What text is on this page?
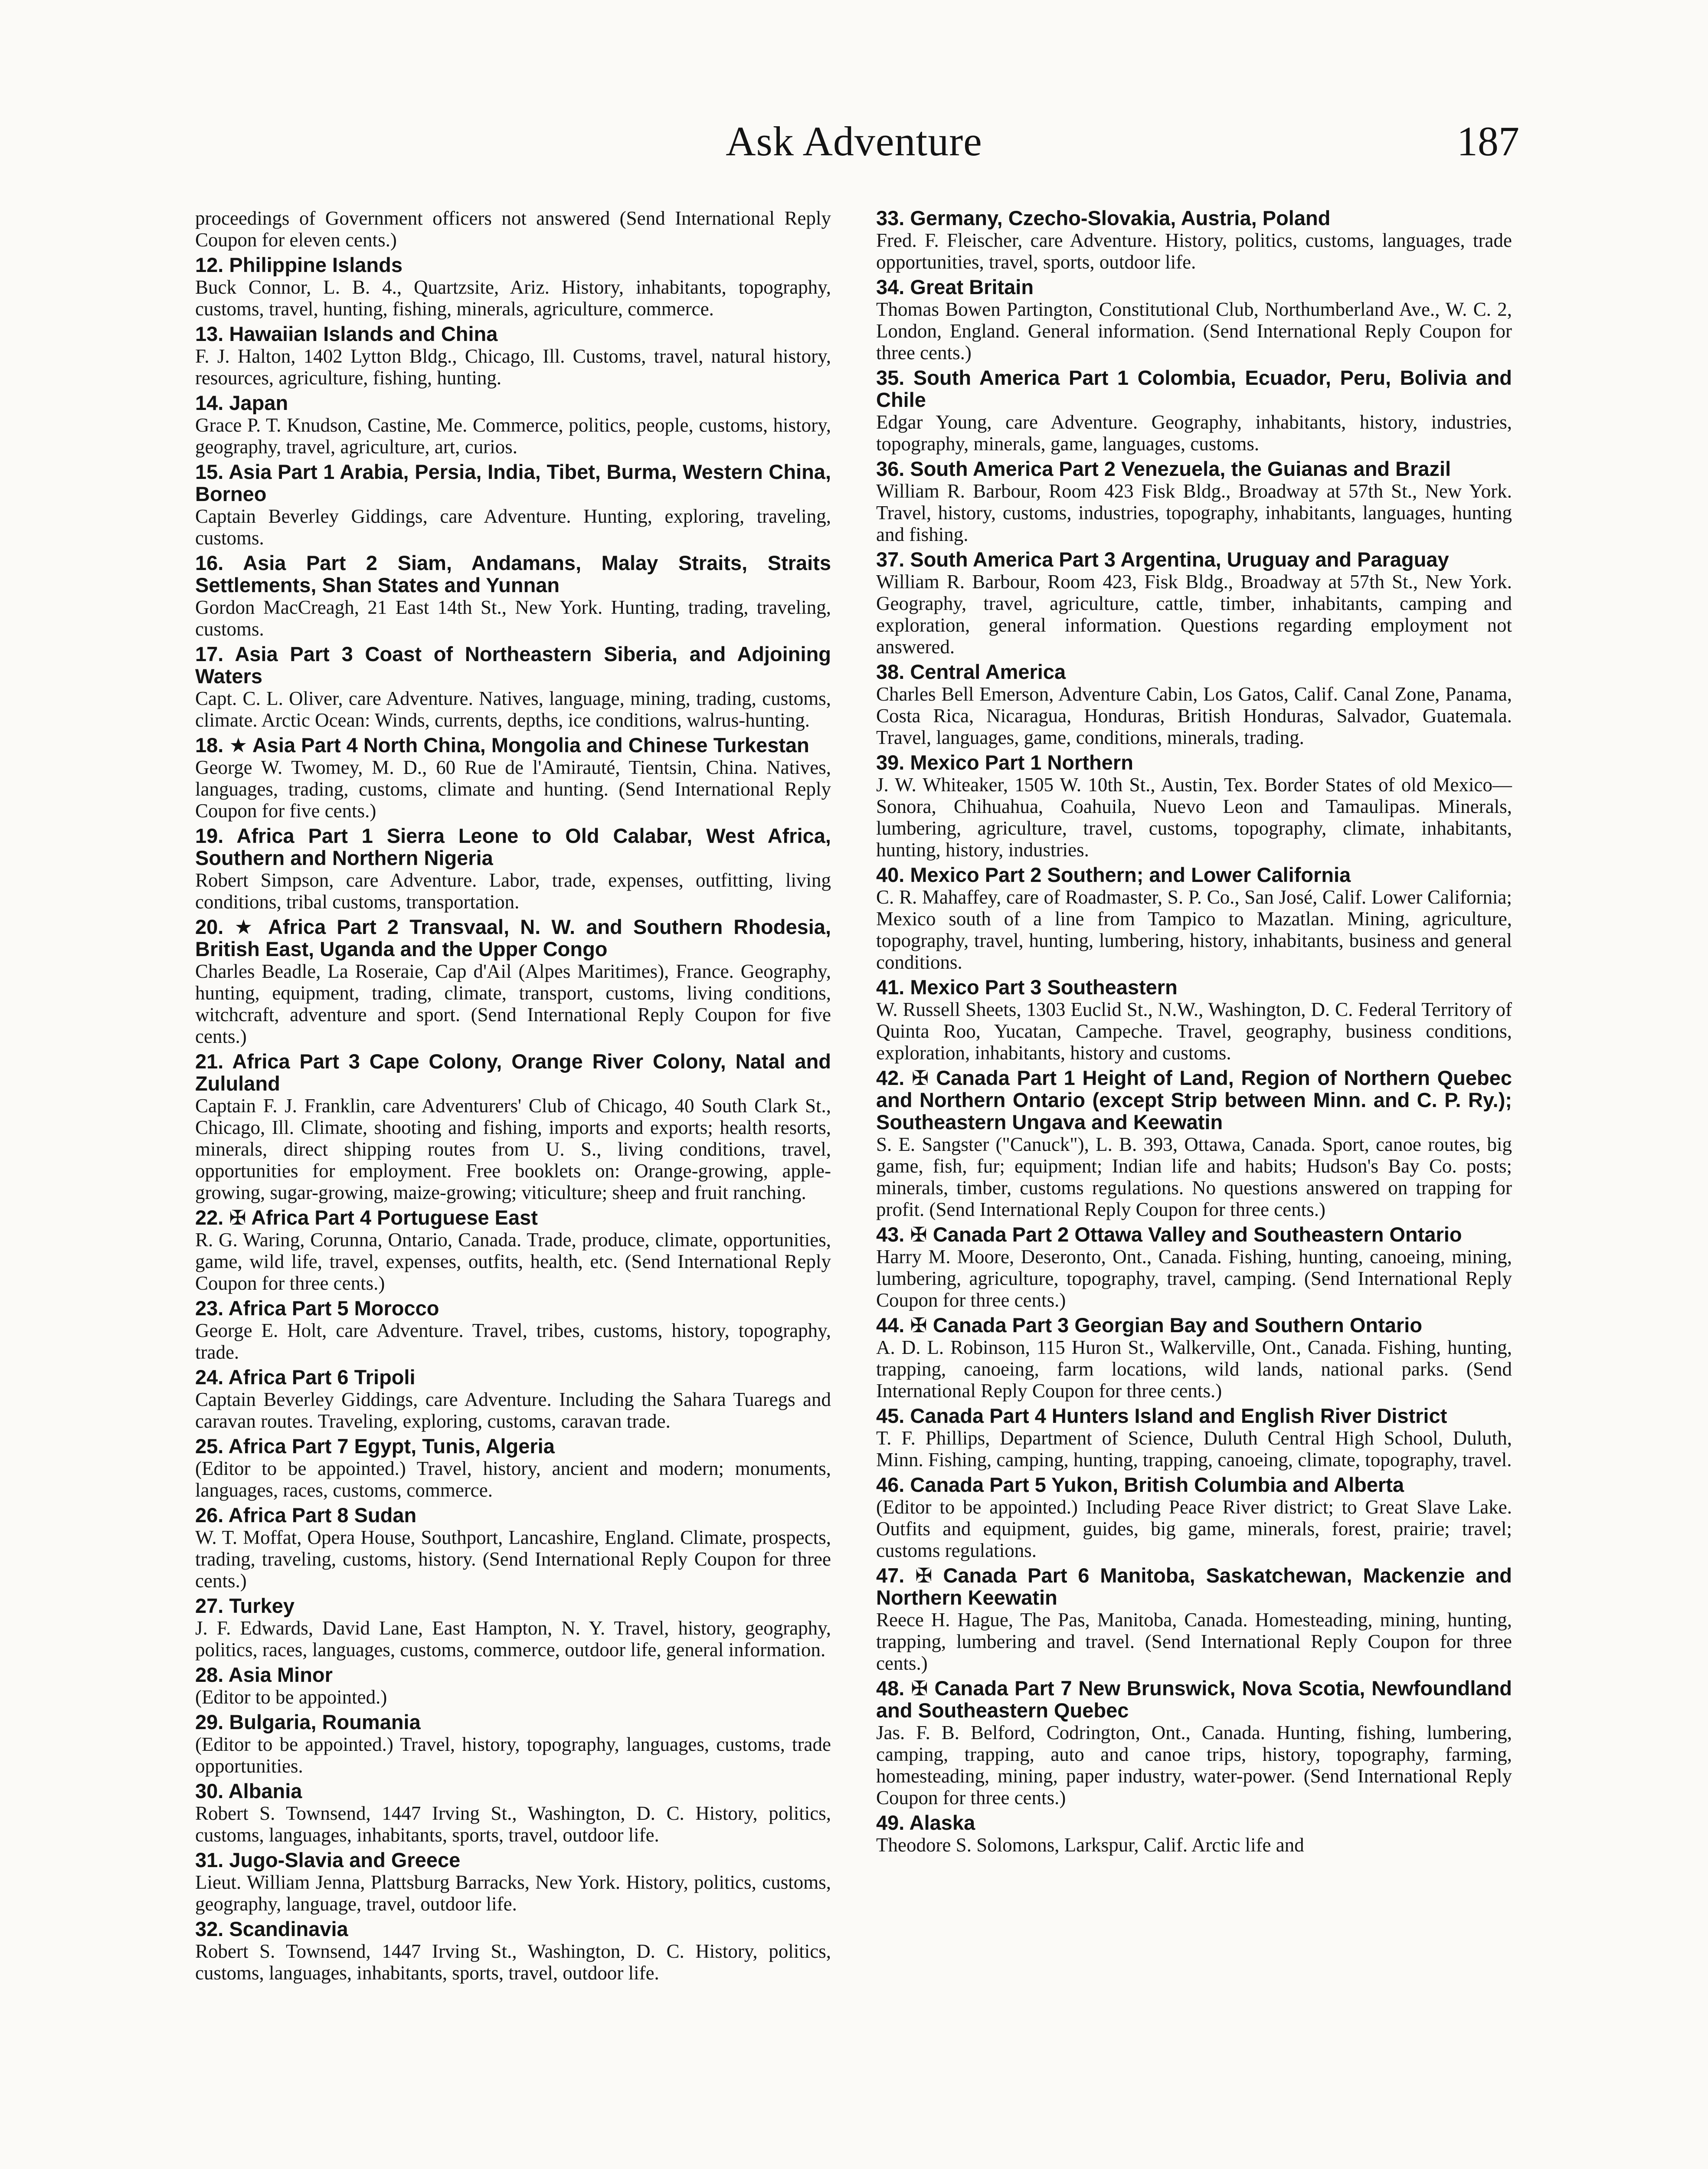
Ask Adventure	187

proceedings of Government officers not answered (Send International Reply Coupon for eleven cents.)

12. Philippine Islands
Buck Connor, L. B. 4., Quartzsite, Ariz. History, inhabitants, topography, customs, travel, hunting, fishing, minerals, agriculture, commerce.

13. Hawaiian Islands and China
F. J. Halton, 1402 Lytton Bldg., Chicago, Ill. Customs, travel, natural history, resources, agriculture, fishing, hunting.

14. Japan
Grace P. T. Knudson, Castine, Me. Commerce, politics, people, customs, history, geography, travel, agriculture, art, curios.

15. Asia Part 1 Arabia, Persia, India, Tibet, Burma, Western China, Borneo
Captain Beverley Giddings, care Adventure. Hunting, exploring, traveling, customs.

16. Asia Part 2 Siam, Andamans, Malay Straits, Straits Settlements, Shan States and Yunnan
Gordon MacCreagh, 21 East 14th St., New York. Hunting, trading, traveling, customs.

17. Asia Part 3 Coast of Northeastern Siberia, and Adjoining Waters
Capt. C. L. Oliver, care Adventure. Natives, language, mining, trading, customs, climate. Arctic Ocean: Winds, currents, depths, ice conditions, walrus-hunting.

18. ★ Asia Part 4 North China, Mongolia and Chinese Turkestan
George W. Twomey, M. D., 60 Rue de l'Amirauté, Tientsin, China. Natives, languages, trading, customs, climate and hunting. (Send International Reply Coupon for five cents.)

19. Africa Part 1 Sierra Leone to Old Calabar, West Africa, Southern and Northern Nigeria
Robert Simpson, care Adventure. Labor, trade, expenses, outfitting, living conditions, tribal customs, transportation.

20. ★ Africa Part 2 Transvaal, N. W. and Southern Rhodesia, British East, Uganda and the Upper Congo
Charles Beadle, La Roseraie, Cap d'Ail (Alpes Maritimes), France. Geography, hunting, equipment, trading, climate, transport, customs, living conditions, witchcraft, adventure and sport. (Send International Reply Coupon for five cents.)

21. Africa Part 3 Cape Colony, Orange River Colony, Natal and Zululand
Captain F. J. Franklin, care Adventurers' Club of Chicago, 40 South Clark St., Chicago, Ill. Climate, shooting and fishing, imports and exports; health resorts, minerals, direct shipping routes from U. S., living conditions, travel, opportunities for employment. Free booklets on: Orange-growing, apple-growing, sugar-growing, maize-growing; viticulture; sheep and fruit ranching.

22. ✠ Africa Part 4 Portuguese East
R. G. Waring, Corunna, Ontario, Canada. Trade, produce, climate, opportunities, game, wild life, travel, expenses, outfits, health, etc. (Send International Reply Coupon for three cents.)

23. Africa Part 5 Morocco
George E. Holt, care Adventure. Travel, tribes, customs, history, topography, trade.

24. Africa Part 6 Tripoli
Captain Beverley Giddings, care Adventure. Including the Sahara Tuaregs and caravan routes. Traveling, exploring, customs, caravan trade.

25. Africa Part 7 Egypt, Tunis, Algeria
(Editor to be appointed.) Travel, history, ancient and modern; monuments, languages, races, customs, commerce.

26. Africa Part 8 Sudan
W. T. Moffat, Opera House, Southport, Lancashire, England. Climate, prospects, trading, traveling, customs, history. (Send International Reply Coupon for three cents.)

27. Turkey
J. F. Edwards, David Lane, East Hampton, N. Y. Travel, history, geography, politics, races, languages, customs, commerce, outdoor life, general information.

28. Asia Minor
(Editor to be appointed.)

29. Bulgaria, Roumania
(Editor to be appointed.) Travel, history, topography, languages, customs, trade opportunities.

30. Albania
Robert S. Townsend, 1447 Irving St., Washington, D. C. History, politics, customs, languages, inhabitants, sports, travel, outdoor life.

31. Jugo-Slavia and Greece
Lieut. William Jenna, Plattsburg Barracks, New York. History, politics, customs, geography, language, travel, outdoor life.

32. Scandinavia
Robert S. Townsend, 1447 Irving St., Washington, D. C. History, politics, customs, languages, inhabitants, sports, travel, outdoor life.

33. Germany, Czecho-Slovakia, Austria, Poland
Fred. F. Fleischer, care Adventure. History, politics, customs, languages, trade opportunities, travel, sports, outdoor life.

34. Great Britain
Thomas Bowen Partington, Constitutional Club, Northumberland Ave., W. C. 2, London, England. General information. (Send International Reply Coupon for three cents.)

35. South America Part 1 Colombia, Ecuador, Peru, Bolivia and Chile
Edgar Young, care Adventure. Geography, inhabitants, history, industries, topography, minerals, game, languages, customs.

36. South America Part 2 Venezuela, the Guianas and Brazil
William R. Barbour, Room 423 Fisk Bldg., Broadway at 57th St., New York. Travel, history, customs, industries, topography, inhabitants, languages, hunting and fishing.

37. South America Part 3 Argentina, Uruguay and Paraguay
William R. Barbour, Room 423, Fisk Bldg., Broadway at 57th St., New York. Geography, travel, agriculture, cattle, timber, inhabitants, camping and exploration, general information. Questions regarding employment not answered.

38. Central America
Charles Bell Emerson, Adventure Cabin, Los Gatos, Calif. Canal Zone, Panama, Costa Rica, Nicaragua, Honduras, British Honduras, Salvador, Guatemala. Travel, languages, game, conditions, minerals, trading.

39. Mexico Part 1 Northern
J. W. Whiteaker, 1505 W. 10th St., Austin, Tex. Border States of old Mexico—Sonora, Chihuahua, Coahuila, Nuevo Leon and Tamaulipas. Minerals, lumbering, agriculture, travel, customs, topography, climate, inhabitants, hunting, history, industries.

40. Mexico Part 2 Southern; and Lower California
C. R. Mahaffey, care of Roadmaster, S. P. Co., San José, Calif. Lower California; Mexico south of a line from Tampico to Mazatlan. Mining, agriculture, topography, travel, hunting, lumbering, history, inhabitants, business and general conditions.

41. Mexico Part 3 Southeastern
W. Russell Sheets, 1303 Euclid St., N.W., Washington, D. C. Federal Territory of Quinta Roo, Yucatan, Campeche. Travel, geography, business conditions, exploration, inhabitants, history and customs.

42. ✠ Canada Part 1 Height of Land, Region of Northern Quebec and Northern Ontario (except Strip between Minn. and C. P. Ry.); Southeastern Ungava and Keewatin
S. E. Sangster ("Canuck"), L. B. 393, Ottawa, Canada. Sport, canoe routes, big game, fish, fur; equipment; Indian life and habits; Hudson's Bay Co. posts; minerals, timber, customs regulations. No questions answered on trapping for profit. (Send International Reply Coupon for three cents.)

43. ✠ Canada Part 2 Ottawa Valley and Southeastern Ontario
Harry M. Moore, Deseronto, Ont., Canada. Fishing, hunting, canoeing, mining, lumbering, agriculture, topography, travel, camping. (Send International Reply Coupon for three cents.)

44. ✠ Canada Part 3 Georgian Bay and Southern Ontario
A. D. L. Robinson, 115 Huron St., Walkerville, Ont., Canada. Fishing, hunting, trapping, canoeing, farm locations, wild lands, national parks. (Send International Reply Coupon for three cents.)

45. Canada Part 4 Hunters Island and English River District
T. F. Phillips, Department of Science, Duluth Central High School, Duluth, Minn. Fishing, camping, hunting, trapping, canoeing, climate, topography, travel.

46. Canada Part 5 Yukon, British Columbia and Alberta
(Editor to be appointed.) Including Peace River district; to Great Slave Lake. Outfits and equipment, guides, big game, minerals, forest, prairie; travel; customs regulations.

47. ✠ Canada Part 6 Manitoba, Saskatchewan, Mackenzie and Northern Keewatin
Reece H. Hague, The Pas, Manitoba, Canada. Homesteading, mining, hunting, trapping, lumbering and travel. (Send International Reply Coupon for three cents.)

48. ✠ Canada Part 7 New Brunswick, Nova Scotia, Newfoundland and Southeastern Quebec
Jas. F. B. Belford, Codrington, Ont., Canada. Hunting, fishing, lumbering, camping, trapping, auto and canoe trips, history, topography, farming, homesteading, mining, paper industry, water-power. (Send International Reply Coupon for three cents.)

49. Alaska
Theodore S. Solomons, Larkspur, Calif. Arctic life and
